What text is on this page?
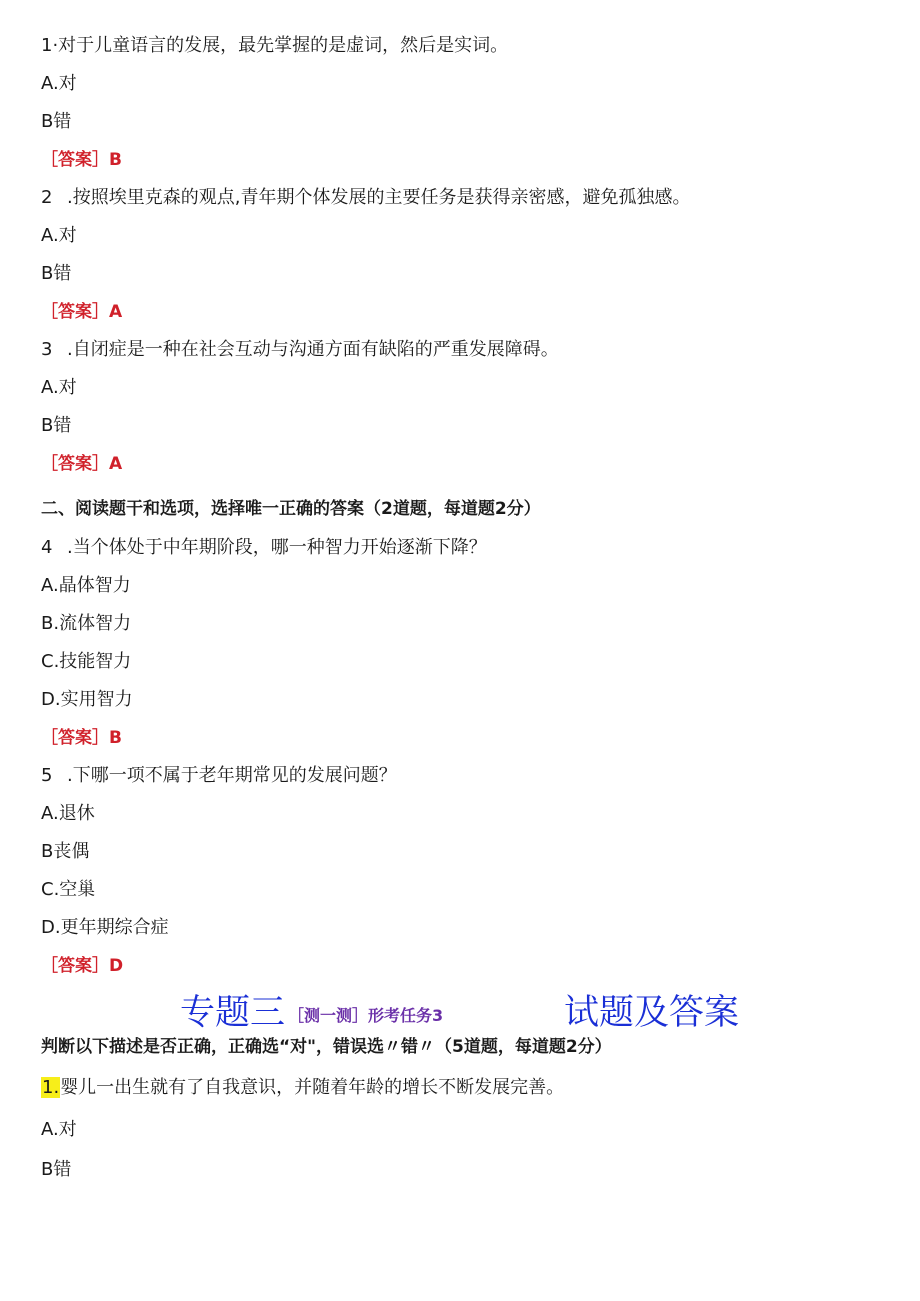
1·对于儿童语言的发展，最先掌握的是虚词，然后是实词。
A.对
B错
［答案］B
2 .按照埃里克森的观点,青年期个体发展的主要任务是获得亲密感，避免孤独感。
A.对
B错
［答案］A
3 .自闭症是一种在社会互动与沟通方面有缺陷的严重发展障碍。
A.对
B错
［答案］A
二、阅读题干和选项，选择唯一正确的答案（2道题，每道题2分）
4 .当个体处于中年期阶段，哪一种智力开始逐渐下降？
A.晶体智力
B.流体智力
C.技能智力
D.实用智力
［答案］B
5 .下哪一项不属于老年期常见的发展问题？
A.退休
B丧偶
C.空巢
D.更年期综合症
［答案］D
专题三 ［测一测］形考任务3	试题及答案
判断以下描述是否正确，正确选“对"，错误选〃错〃（5道题，每道题2分）
1.婴儿一出生就有了自我意识，并随着年龄的增长不断发展完善。
A.对
B错
